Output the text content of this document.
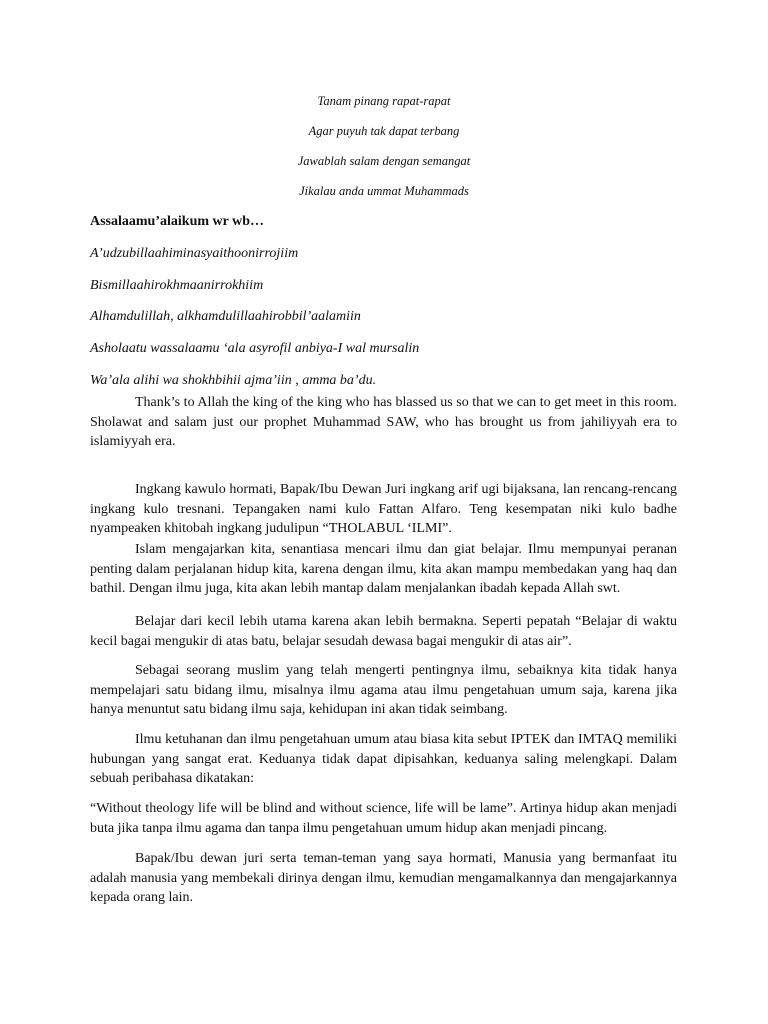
Tanam pinang rapat-rapat
Agar puyuh tak dapat terbang
Jawablah salam dengan semangat
Jikalau anda ummat Muhammads
Assalaamu’alaikum wr wb…
A’udzubillaahiminasyaithoonirrojiim
Bismillaahirokhmaanirrokhiim
Alhamdulillah, alkhamdulillaahirobbil’aalamiin
Asholaatu wassalaamu ‘ala asyrofil anbiya-I wal mursalin
Wa’ala alihi wa shokhbihii ajma’iin , amma ba’du.

Thank’s to Allah the king of the king who has blassed us so that we can to get meet in this room. Sholawat and salam just our prophet Muhammad SAW, who has brought us from jahiliyyah era to islamiyyah era.

Ingkang kawulo hormati, Bapak/Ibu Dewan Juri ingkang arif ugi bijaksana, lan rencang-rencang ingkang kulo tresnani. Tepangaken nami kulo Fattan Alfaro. Teng kesempatan niki kulo badhe nyampeaken khitobah ingkang judulipun “THOLABUL ‘ILMI”.

Islam mengajarkan kita, senantiasa mencari ilmu dan giat belajar. Ilmu mempunyai peranan penting dalam perjalanan hidup kita, karena dengan ilmu, kita akan mampu membedakan yang haq dan bathil. Dengan ilmu juga, kita akan lebih mantap dalam menjalankan ibadah kepada Allah swt.

Belajar dari kecil lebih utama karena akan lebih bermakna. Seperti pepatah “Belajar di waktu kecil bagai mengukir di atas batu, belajar sesudah dewasa bagai mengukir di atas air”.

Sebagai seorang muslim yang telah mengerti pentingnya ilmu, sebaiknya kita tidak hanya mempelajari satu bidang ilmu, misalnya ilmu agama atau ilmu pengetahuan umum saja, karena jika hanya menuntut satu bidang ilmu saja, kehidupan ini akan tidak seimbang.

Ilmu ketuhanan dan ilmu pengetahuan umum atau biasa kita sebut IPTEK dan IMTAQ memiliki hubungan yang sangat erat. Keduanya tidak dapat dipisahkan, keduanya saling melengkapi. Dalam sebuah peribahasa dikatakan:

“Without theology life will be blind and without science, life will be lame”. Artinya hidup akan menjadi buta jika tanpa ilmu agama dan tanpa ilmu pengetahuan umum hidup akan menjadi pincang.

Bapak/Ibu dewan juri serta teman-teman yang saya hormati, Manusia yang bermanfaat itu adalah manusia yang membekali dirinya dengan ilmu, kemudian mengamalkannya dan mengajarkannya kepada orang lain.
